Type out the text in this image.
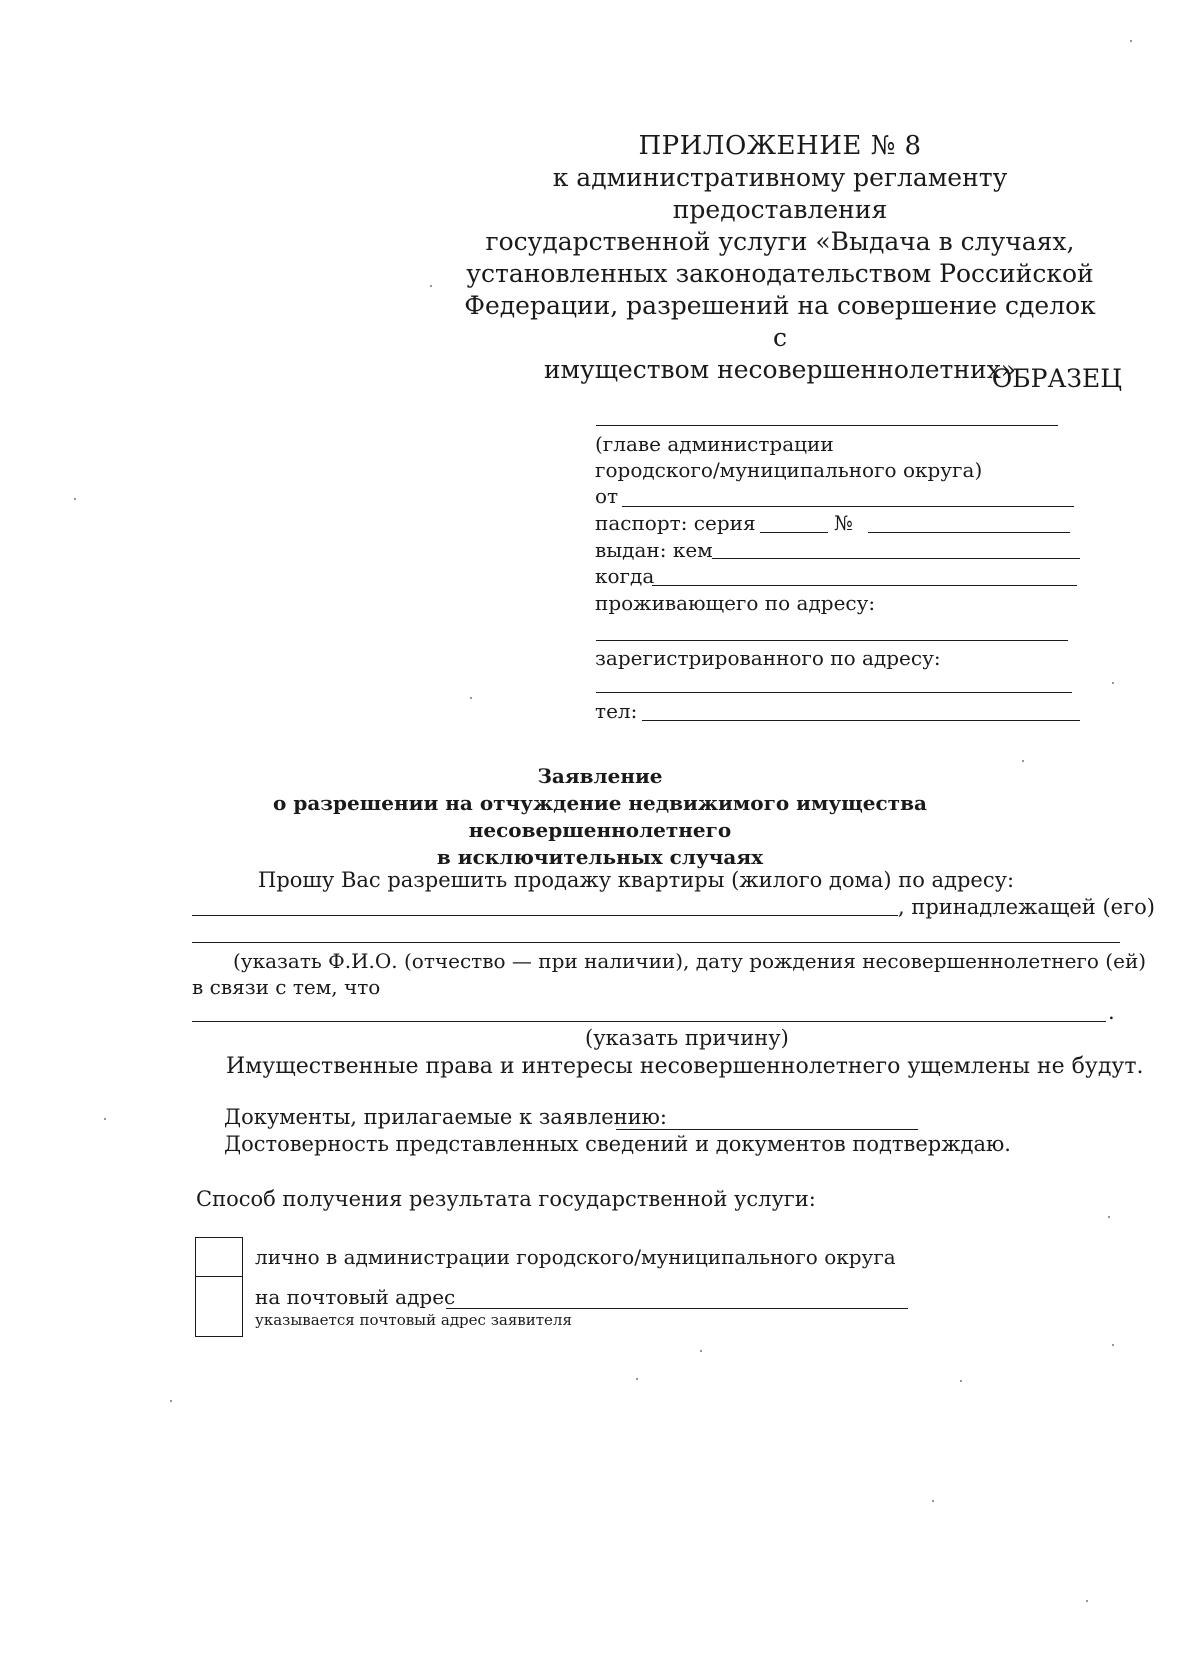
ПРИЛОЖЕНИЕ № 8
к административному регламенту предоставления
государственной услуги «Выдача в случаях,
установленных законодательством Российской
Федерации, разрешений на совершение сделок с
имуществом несовершеннолетних»
ОБРАЗЕЦ
(главе администрации
городского/муниципального округа)
от
паспорт: серия	№
выдан: кем
когда
проживающего по адресу:
зарегистрированного по адресу:
тел:
Заявление
о разрешении на отчуждение недвижимого имущества несовершеннолетнего
в исключительных случаях
Прошу Вас разрешить продажу квартиры (жилого дома) по адресу:
, принадлежащей (его)
(указать Ф.И.О. (отчество — при наличии), дату рождения несовершеннолетнего (ей)
в связи с тем, что
.
(указать причину)
Имущественные права и интересы несовершеннолетнего ущемлены не будут.
Документы, прилагаемые к заявлению:
Достоверность представленных сведений и документов подтверждаю.
Способ получения результата государственной услуги:
лично в администрации городского/муниципального округа
на почтовый адрес
указывается почтовый адрес заявителя
